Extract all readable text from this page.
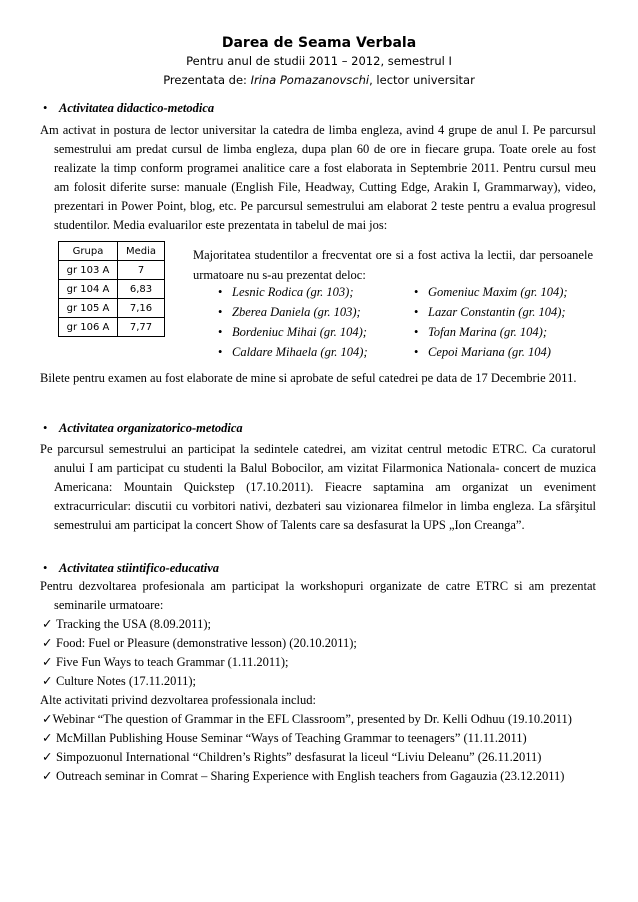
Darea de Seama Verbala
Pentru anul de studii 2011 – 2012, semestrul I
Prezentata de: Irina Pomazanovschi, lector universitar
• Activitatea didactico-metodica

Am activat in postura de lector universitar la catedra de limba engleza, avind 4 grupe de anul I. Pe parcursul semestrului am predat cursul de limba engleza, dupa plan 60 de ore in fiecare grupa. Toate orele au fost realizate la timp conform programei analitice care a fost elaborata in Septembrie 2011. Pentru cursul meu am folosit diferite surse: manuale (English File, Headway, Cutting Edge, Arakin I, Grammarway), video, prezentari in Power Point, blog, etc. Pe parcursul semestrului am elaborat 2 teste pentru a evalua progresul studentilor. Media evaluarilor este prezentata in tabelul de mai jos:

Grupa	Media
gr 103 A	7
gr 104 A	6,83
gr 105 A	7,16
gr 106 A	7,77

Majoritatea studentilor a frecventat ore si a fost activa la lectii, dar persoanele urmatoare nu s-au prezentat deloc:

• Lesnic Rodica (gr. 103);
• Zberea Daniela (gr. 103);
• Bordeniuc Mihai (gr. 104);
• Caldare Mihaela (gr. 104);
• Gomeniuc Maxim (gr. 104);
• Lazar Constantin (gr. 104);
• Tofan Marina (gr. 104);
• Cepoi Mariana (gr. 104)

Bilete pentru examen au fost elaborate de mine si aprobate de seful catedrei pe data de 17 Decembrie 2011.

• Activitatea organizatorico-metodica

Pe parcursul semestrului an participat la sedintele catedrei, am vizitat centrul metodic ETRC. Ca curatorul anului I am participat cu studenti la Balul Bobocilor, am vizitat Filarmonica Nationala- concert de muzica Americana: Mountain Quickstep (17.10.2011). Fieacre saptamina am organizat un eveniment extracurricular: discutii cu vorbitori nativi, dezbateri sau vizionarea filmelor in limba engleza. La sfârşitul semestrului am participat la concert Show of Talents care sa desfasurat la UPS „Ion Creanga”.

• Activitatea stiintifico-educativa

Pentru dezvoltarea profesionala am participat la workshopuri organizate de catre ETRC si am prezentat seminarile urmatoare:

✓ Tracking the USA (8.09.2011);
✓ Food: Fuel or Pleasure (demonstrative lesson) (20.10.2011);
✓ Five Fun Ways to teach Grammar (1.11.2011);
✓ Culture Notes (17.11.2011);
Alte activitati privind dezvoltarea professionala includ:
✓Webinar “The question of Grammar in the EFL Classroom”, presented by Dr. Kelli Odhuu (19.10.2011)
✓ McMillan Publishing House Seminar “Ways of Teaching Grammar to teenagers” (11.11.2011)
✓ Simpozuonul International “Children’s Rights” desfasurat la liceul “Liviu Deleanu” (26.11.2011)
✓ Outreach seminar in Comrat – Sharing Experience with English teachers from Gagauzia (23.12.2011)
